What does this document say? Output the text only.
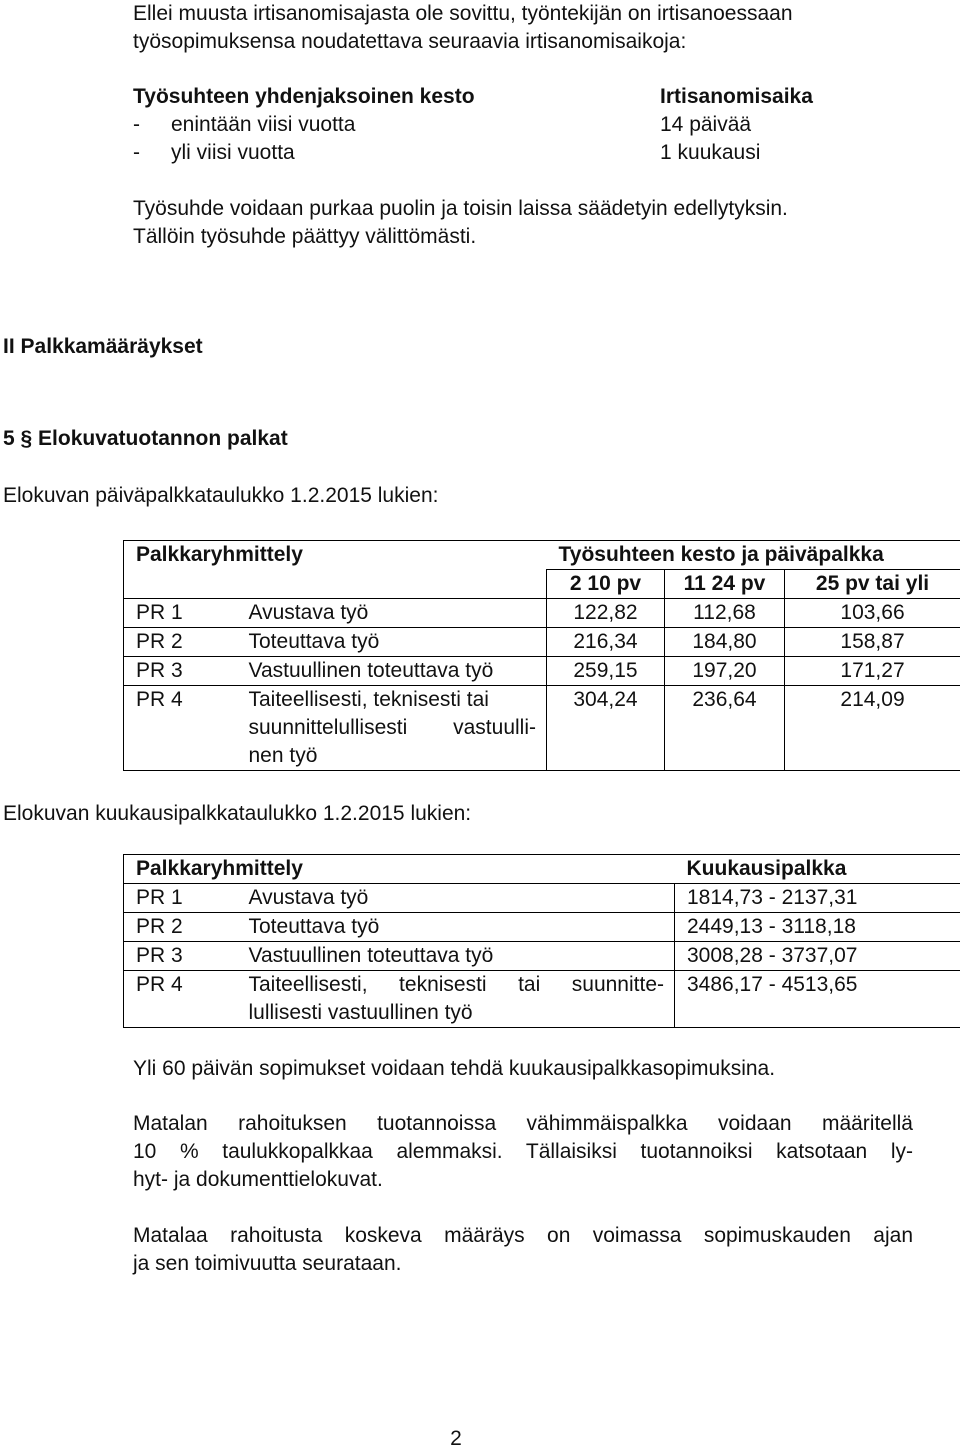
Ellei muusta irtisanomisajasta ole sovittu, työntekijän on irtisanoessaan

työsopimuksensa noudatettava seuraavia irtisanomisaikoja:

Työsuhteen yhdenjaksoinen kesto	Irtisanomisaika
- enintään viisi vuotta	14 päivää
- yli viisi vuotta	1 kuukausi

Työsuhde voidaan purkaa puolin ja toisin laissa säädetyin edellytyksin.

Tällöin työsuhde päättyy välittömästi.

II Palkkamääräykset
5 § Elokuvatuotannon palkat
Elokuvan päiväpalkkataulukko 1.2.2015 lukien:
Palkkaryhmittely		Työsuhteen kesto ja päiväpalkka		
		2 10 pv	11 24 pv	25 pv tai yli
PR 1	Avustava työ	122,82	112,68	103,66
PR 2	Toteuttava työ	216,34	184,80	158,87
PR 3	Vastuullinen toteuttava työ	259,15	197,20	171,27
PR 4	Taiteellisesti, teknisesti tai
suunnittelullisesti vastuulli-
nen työ	304,24	236,64	214,09
Elokuvan kuukausipalkkataulukko 1.2.2015 lukien:
Palkkaryhmittely		Kuukausipalkka
PR 1	Avustava työ	1814,73 - 2137,31
PR 2	Toteuttava työ	2449,13 - 3118,18
PR 3	Vastuullinen toteuttava työ	3008,28 - 3737,07
PR 4	Taiteellisesti, teknisesti tai suunnitte-
lullisesti vastuullinen työ	3486,17 - 4513,65
Yli 60 päivän sopimukset voidaan tehdä kuukausipalkkasopimuksina.
Matalan rahoituksen tuotannoissa vähimmäispalkka voidaan määritellä
10 % taulukkopalkkaa alemmaksi. Tällaisiksi tuotannoiksi katsotaan ly-
hyt- ja dokumenttielokuvat.
Matalaa rahoitusta koskeva määräys on voimassa sopimuskauden ajan
ja sen toimivuutta seurataan.
2
